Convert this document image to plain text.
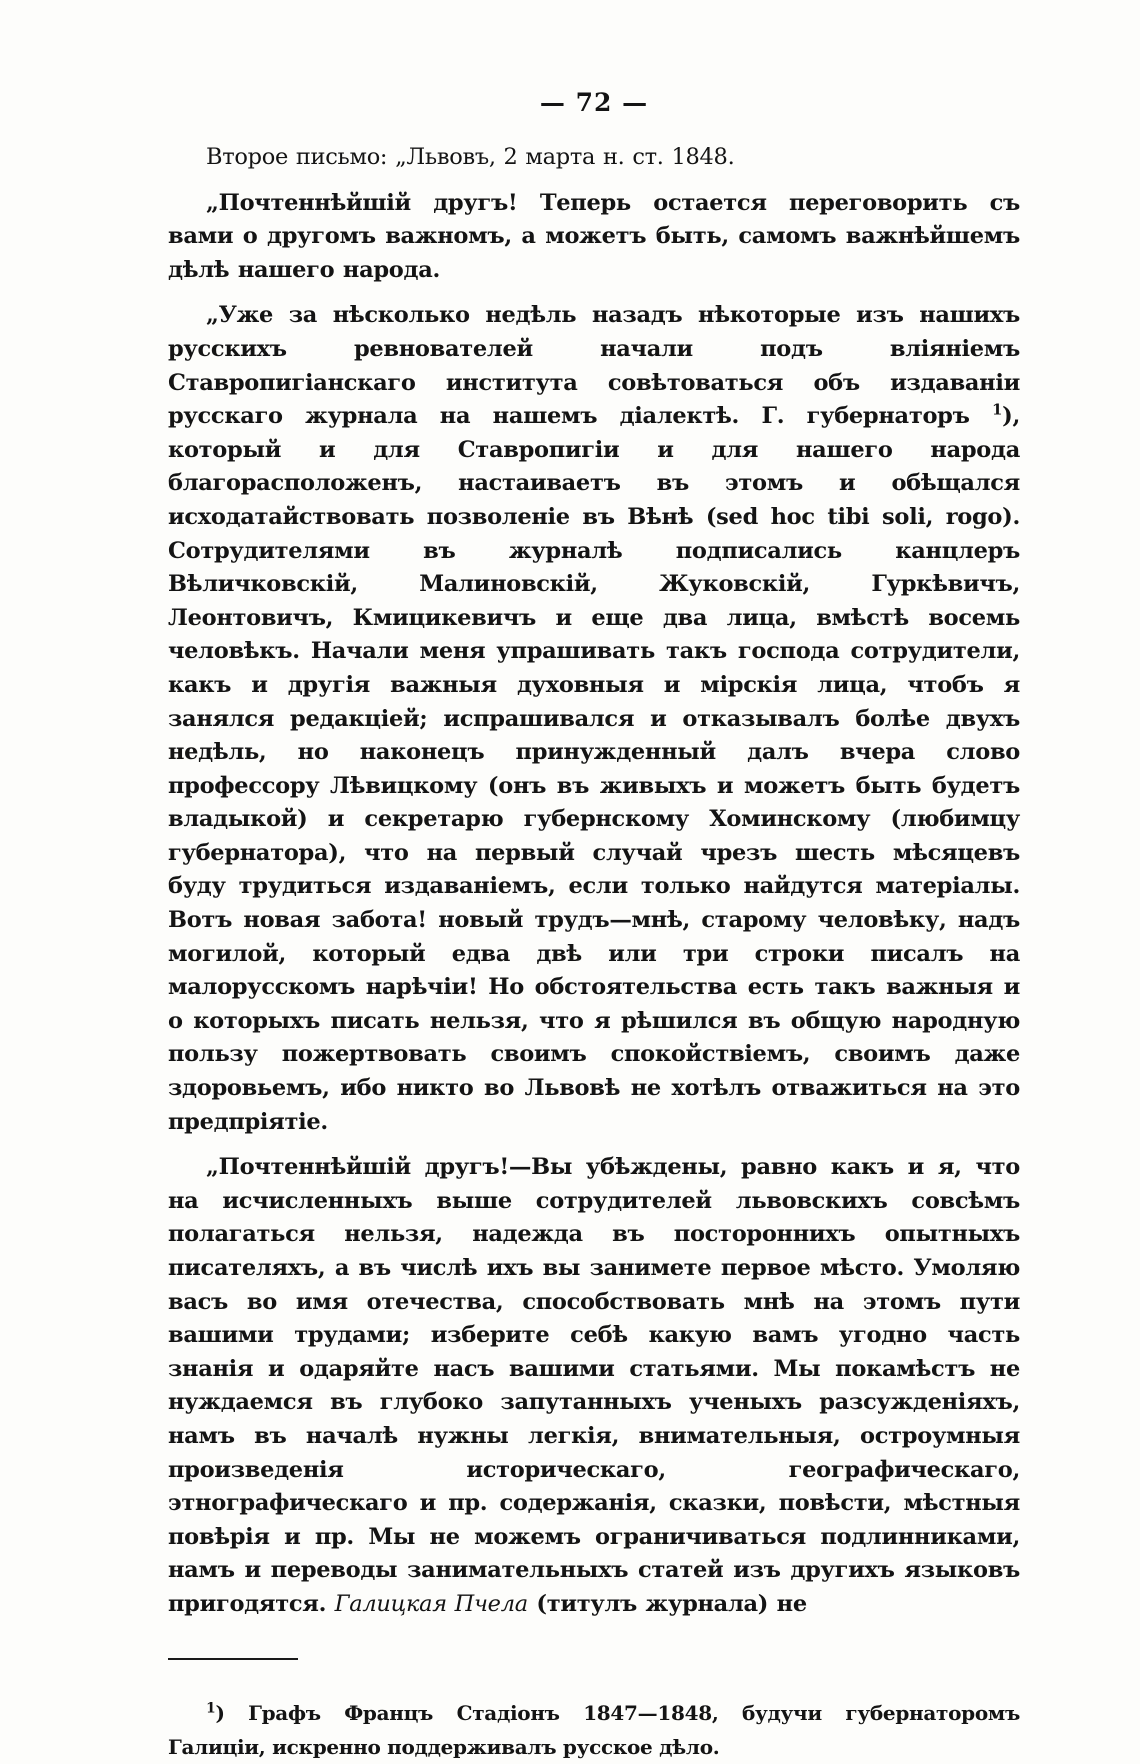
— 72 —

Второе письмо: „Львовъ, 2 марта н. ст. 1848.

„Почтеннѣйшій другъ! Теперь остается переговорить съ вами о другомъ важномъ, а можетъ быть, самомъ важнѣйшемъ дѣлѣ нашего народа.

„Уже за нѣсколько недѣль назадъ нѣкоторые изъ нашихъ русскихъ ревнователей начали подъ вліяніемъ Ставропигіанскаго института совѣтоваться объ издаваніи русскаго журнала на нашемъ діалектѣ. Г. губернаторъ $^1$), который и для Ставропигіи и для нашего народа благорасположенъ, настаиваетъ въ этомъ и обѣщался исходатайствовать позволеніе въ Вѣнѣ (sed hoc tibi soli, rogo). Сотрудителями въ журналѣ подписались канцлеръ Вѣличковскій, Малиновскій, Жуковскій, Гуркѣвичъ, Леонтовичъ, Кмицикевичъ и еще два лица, вмѣстѣ восемь человѣкъ. Начали меня упрашивать такъ господа сотрудители, какъ и другія важныя духовныя и мірскія лица, чтобъ я занялся редакціей; испрашивался и отказывалъ болѣе двухъ недѣль, но наконецъ принужденный далъ вчера слово профессору Лѣвицкому (онъ въ живыхъ и можетъ быть будетъ владыкой) и секретарю губернскому Хоминскому (любимцу губернатора), что на первый случай чрезъ шесть мѣсяцевъ буду трудиться издаваніемъ, если только найдутся матеріалы. Вотъ новая забота! новый трудъ—мнѣ, старому человѣку, надъ могилой, который едва двѣ или три строки писалъ на малорусскомъ нарѣчіи! Но обстоятельства есть такъ важныя и о которыхъ писать нельзя, что я рѣшился въ общую народную пользу пожертвовать своимъ спокойствіемъ, своимъ даже здоровьемъ, ибо никто во Львовѣ не хотѣлъ отважиться на это предпріятіе.

„Почтеннѣйшій другъ!—Вы убѣждены, равно какъ и я, что на исчисленныхъ выше сотрудителей львовскихъ совсѣмъ полагаться нельзя, надежда въ постороннихъ опытныхъ писателяхъ, а въ числѣ ихъ вы занимете первое мѣсто. Умоляю васъ во имя отечества, способствовать мнѣ на этомъ пути вашими трудами; изберите себѣ какую вамъ угодно часть знанія и одаряйте насъ вашими статьями. Мы покамѣстъ не нуждаемся въ глубоко запутанныхъ ученыхъ разсужденіяхъ, намъ въ началѣ нужны легкія, внимательныя, остроумныя произведенія историческаго, географическаго, этнографическаго и пр. содержанія, сказки, повѣсти, мѣстныя повѣрія и пр. Мы не можемъ ограничиваться подлинниками, намъ и переводы занимательныхъ статей изъ другихъ языковъ пригодятся. Галицкая Пчела (титулъ журнала) не

$^1$) Графъ Францъ Стадіонъ 1847—1848, будучи губернаторомъ Галиціи, искренно поддерживалъ русское дѣло.
